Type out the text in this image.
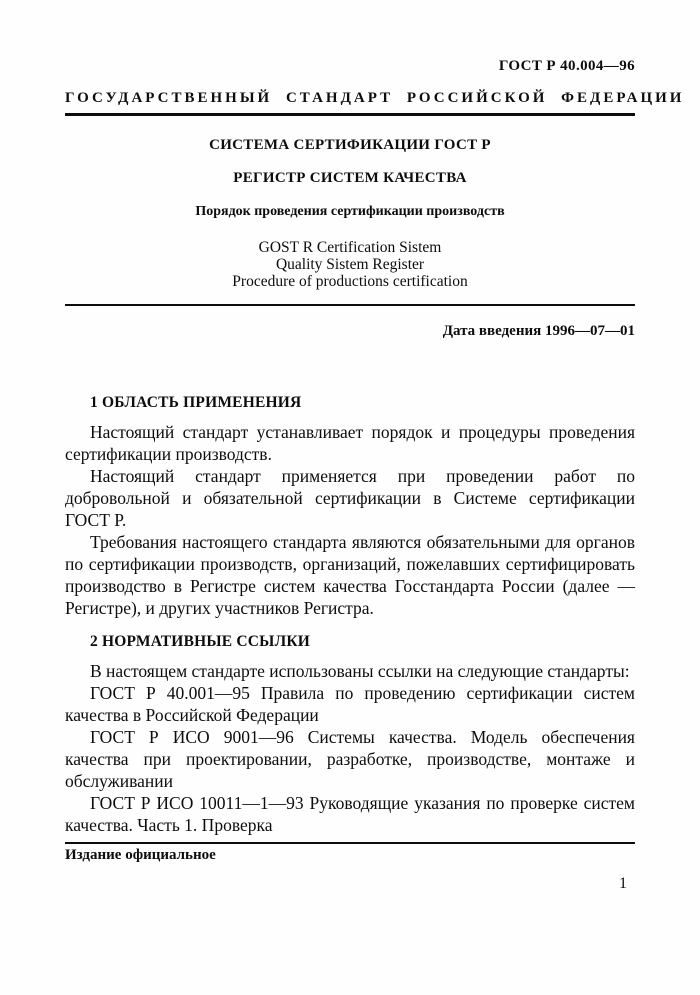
ГОСТ Р 40.004—96
ГОСУДАРСТВЕННЫЙ СТАНДАРТ РОССИЙСКОЙ ФЕДЕРАЦИИ
СИСТЕМА СЕРТИФИКАЦИИ ГОСТ Р
РЕГИСТР СИСТЕМ КАЧЕСТВА
Порядок проведения сертификации производств
GOST R Certification Sistem
Quality Sistem Register
Procedure of productions certification
Дата введения 1996—07—01
1 ОБЛАСТЬ ПРИМЕНЕНИЯ

Настоящий стандарт устанавливает порядок и процедуры проведения сертификации производств.

Настоящий стандарт применяется при проведении работ по добровольной и обязательной сертификации в Системе сертификации ГОСТ Р.

Требования настоящего стандарта являются обязательными для органов по сертификации производств, организаций, пожелавших сертифицировать производство в Регистре систем качества Госстандарта России (далее — Регистре), и других участников Регистра.

2 НОРМАТИВНЫЕ ССЫЛКИ

В настоящем стандарте использованы ссылки на следующие стандарты:

ГОСТ Р 40.001—95 Правила по проведению сертификации систем качества в Российской Федерации

ГОСТ Р ИСО 9001—96 Системы качества. Модель обеспечения качества при проектировании, разработке, производстве, монтаже и обслуживании

ГОСТ Р ИСО 10011—1—93 Руководящие указания по проверке систем качества. Часть 1. Проверка

Издание официальное
1
